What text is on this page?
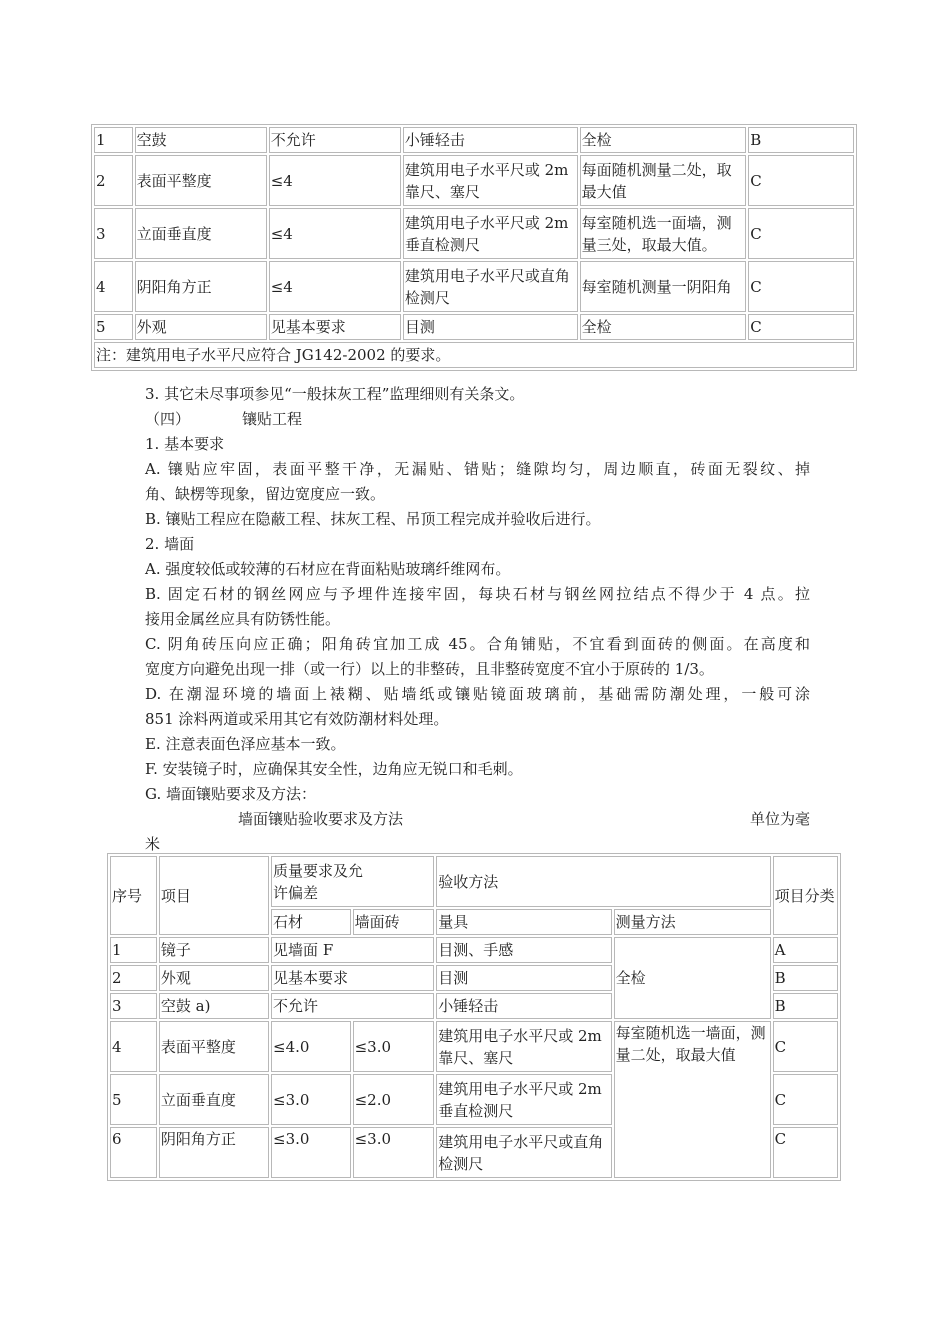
1	空鼓	不允许	小锤轻击	全检	B
2	表面平整度	≤4	建筑用电子水平尺或 2m 靠尺、塞尺	每面随机测量二处，取最大值	C
3	立面垂直度	≤4	建筑用电子水平尺或 2m 垂直检测尺	每室随机选一面墙，测量三处，取最大值。	C
4	阴阳角方正	≤4	建筑用电子水平尺或直角检测尺	每室随机测量一阴阳角	C
5	外观	见基本要求	目测	全检	C
注：建筑用电子水平尺应符合 JG142-2002 的要求。					
3. 其它未尽事项参见“一般抹灰工程”监理细则有关条文。
（四）	镶贴工程
1. 基本要求
A. 镶贴应牢固，表面平整干净，无漏贴、错贴；缝隙均匀，周边顺直，砖面无裂纹、掉
角、缺楞等现象，留边宽度应一致。
B. 镶贴工程应在隐蔽工程、抹灰工程、吊顶工程完成并验收后进行。
2. 墙面
A. 强度较低或较薄的石材应在背面粘贴玻璃纤维网布。
B. 固定石材的钢丝网应与予埋件连接牢固，每块石材与钢丝网拉结点不得少于 4 点。拉
接用金属丝应具有防锈性能。
C. 阴角砖压向应正确；阳角砖宜加工成 45。合角铺贴，不宜看到面砖的侧面。在高度和
宽度方向避免出现一排（或一行）以上的非整砖，且非整砖宽度不宜小于原砖的 1/3。
D. 在潮湿环境的墙面上裱糊、贴墙纸或镶贴镜面玻璃前，基础需防潮处理，一般可涂
851 涂料两道或采用其它有效防潮材料处理。
E. 注意表面色泽应基本一致。
F. 安装镜子时，应确保其安全性，边角应无锐口和毛刺。
G. 墙面镶贴要求及方法：
墙面镶贴验收要求及方法	单位为毫
米
序号	项目	质量要求及允许偏差		验收方法		项目分类
		石材	墙面砖	量具	测量方法	
1	镜子	见墙面 F		目测、手感	全检	A
2	外观	见基本要求		目测		B
3	空鼓 a)	不允许		小锤轻击		B
4	表面平整度	≤4.0	≤3.0	建筑用电子水平尺或 2m 靠尺、塞尺	每室随机选一墙面，测量二处，取最大值	C
5	立面垂直度	≤3.0	≤2.0	建筑用电子水平尺或 2m 垂直检测尺		C
6	阴阳角方正	≤3.0	≤3.0	建筑用电子水平尺或直角检测尺		C
